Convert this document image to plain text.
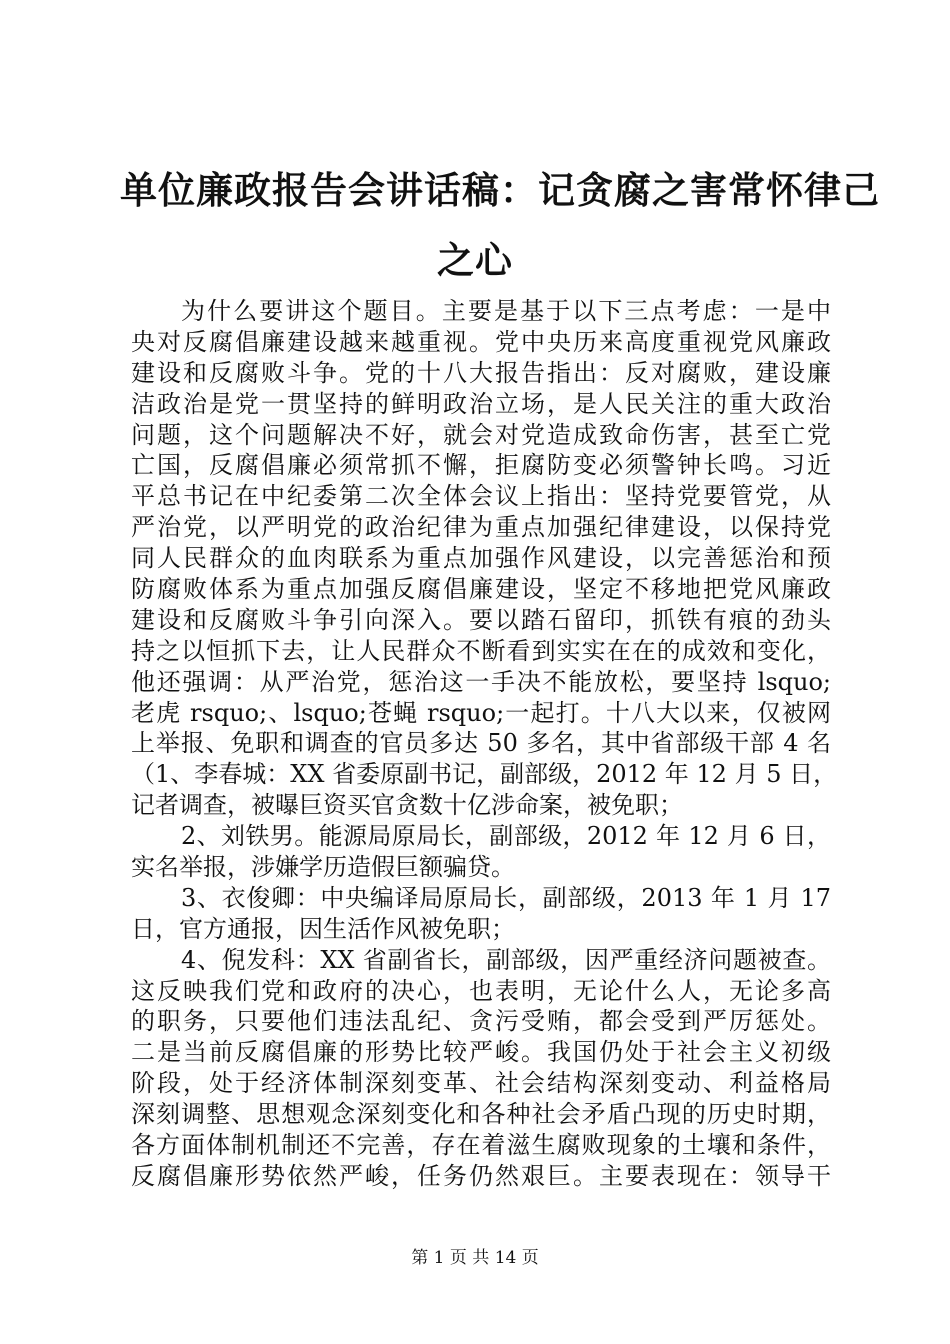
单位廉政报告会讲话稿：记贪腐之害常怀律己
之心
为什么要讲这个题目。主要是基于以下三点考虑：一是中
央对反腐倡廉建设越来越重视。党中央历来高度重视党风廉政
建设和反腐败斗争。党的十八大报告指出：反对腐败，建设廉
洁政治是党一贯坚持的鲜明政治立场，是人民关注的重大政治
问题，这个问题解决不好，就会对党造成致命伤害，甚至亡党
亡国，反腐倡廉必须常抓不懈，拒腐防变必须警钟长鸣。习近
平总书记在中纪委第二次全体会议上指出：坚持党要管党，从
严治党，以严明党的政治纪律为重点加强纪律建设，以保持党
同人民群众的血肉联系为重点加强作风建设，以完善惩治和预
防腐败体系为重点加强反腐倡廉建设，坚定不移地把党风廉政
建设和反腐败斗争引向深入。要以踏石留印，抓铁有痕的劲头
持之以恒抓下去，让人民群众不断看到实实在在的成效和变化，
他还强调：从严治党，惩治这一手决不能放松，要坚持 lsquo;
老虎 rsquo;、lsquo;苍蝇 rsquo;一起打。十八大以来，仅被网
上举报、免职和调查的官员多达 50 多名，其中省部级干部 4 名
（1、李春城：XX 省委原副书记，副部级，2012 年 12 月 5 日，
记者调查，被曝巨资买官贪数十亿涉命案，被免职；
2、刘铁男。能源局原局长，副部级，2012 年 12 月 6 日，
实名举报，涉嫌学历造假巨额骗贷。
3、衣俊卿：中央编译局原局长，副部级，2013 年 1 月 17
日，官方通报，因生活作风被免职；
4、倪发科：XX 省副省长，副部级，因严重经济问题被查。
这反映我们党和政府的决心，也表明，无论什么人，无论多高
的职务，只要他们违法乱纪、贪污受贿，都会受到严厉惩处。
二是当前反腐倡廉的形势比较严峻。我国仍处于社会主义初级
阶段，处于经济体制深刻变革、社会结构深刻变动、利益格局
深刻调整、思想观念深刻变化和各种社会矛盾凸现的历史时期，
各方面体制机制还不完善，存在着滋生腐败现象的土壤和条件，
反腐倡廉形势依然严峻，任务仍然艰巨。主要表现在：领导干
第 1 页 共 14 页
